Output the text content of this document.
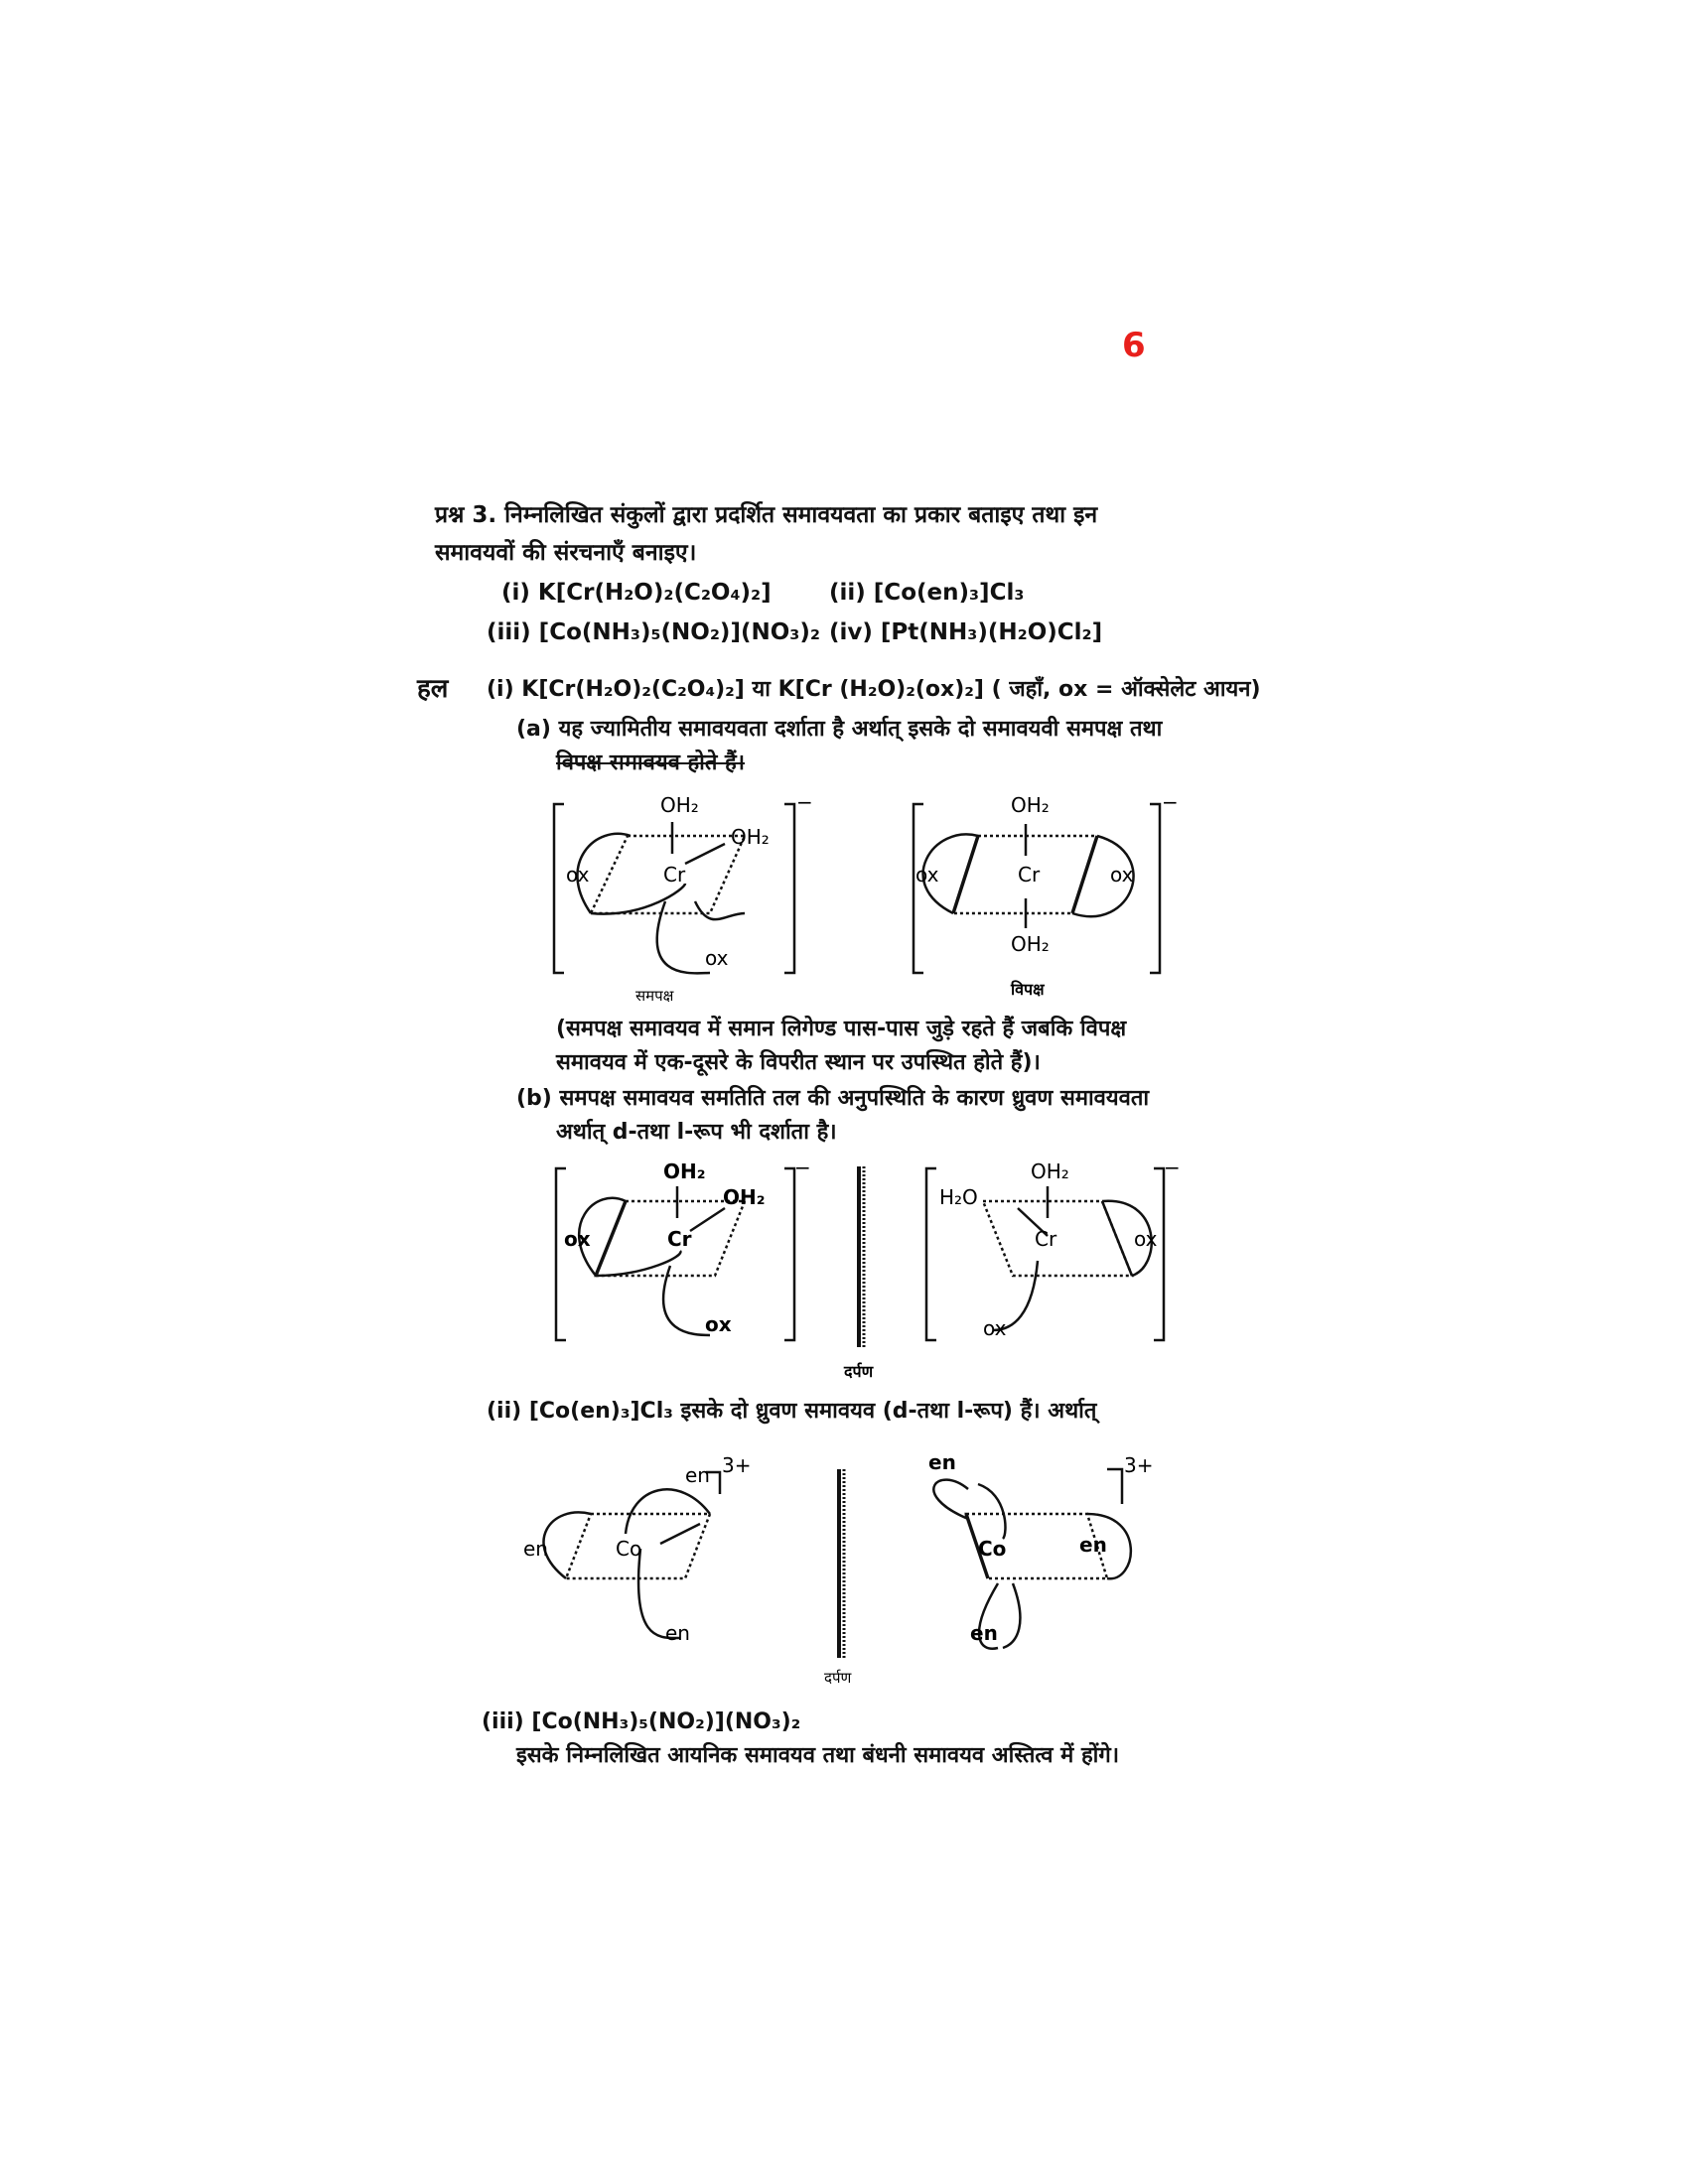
6
प्रश्न 3. निम्नलिखित संकुलों द्वारा प्रदर्शित समावयवता का प्रकार बताइए तथा इन
समावयवों की संरचनाएँ बनाइए।
(i) K[Cr(H₂O)₂(C₂O₄)₂]	(ii) [Co(en)₃]Cl₃
(iii) [Co(NH₃)₅(NO₂)](NO₃)₂ (iv) [Pt(NH₃)(H₂O)Cl₂]
हल (i) K[Cr(H₂O)₂(C₂O₄)₂] या K[Cr (H₂O)₂(ox)₂] ( जहाँ, ox = ऑक्सेलेट आयन)
(a) यह ज्यामितीय समावयवता दर्शाता है अर्थात् इसके दो समावयवी समपक्ष तथा
विपक्ष समावयव होते हैं।
OH₂
OH₂
ox	Cr
ox
−	OH₂
ox	Cr	ox
OH₂
−
समपक्ष	विपक्ष
(समपक्ष समावयव में समान लिगेण्ड पास-पास जुड़े रहते हैं जबकि विपक्ष
समावयव में एक-दूसरे के विपरीत स्थान पर उपस्थित होते हैं)।
(b) समपक्ष समावयव समतिति तल की अनुपस्थिति के कारण ध्रुवण समावयवता
अर्थात् d-तथा l-रूप भी दर्शाता है।
OH₂
OH₂
ox	Cr
ox
−
H₂O
OH₂
Cr	ox
ox
−
दर्पण
(ii) [Co(en)₃]Cl₃ इसके दो ध्रुवण समावयव (d-तथा l-रूप) हैं। अर्थात्
en 3+
en	Co
en
en	3+
Co	en
en
दर्पण
(iii) [Co(NH₃)₅(NO₂)](NO₃)₂
इसके निम्नलिखित आयनिक समावयव तथा बंधनी समावयव अस्तित्व में होंगे।
